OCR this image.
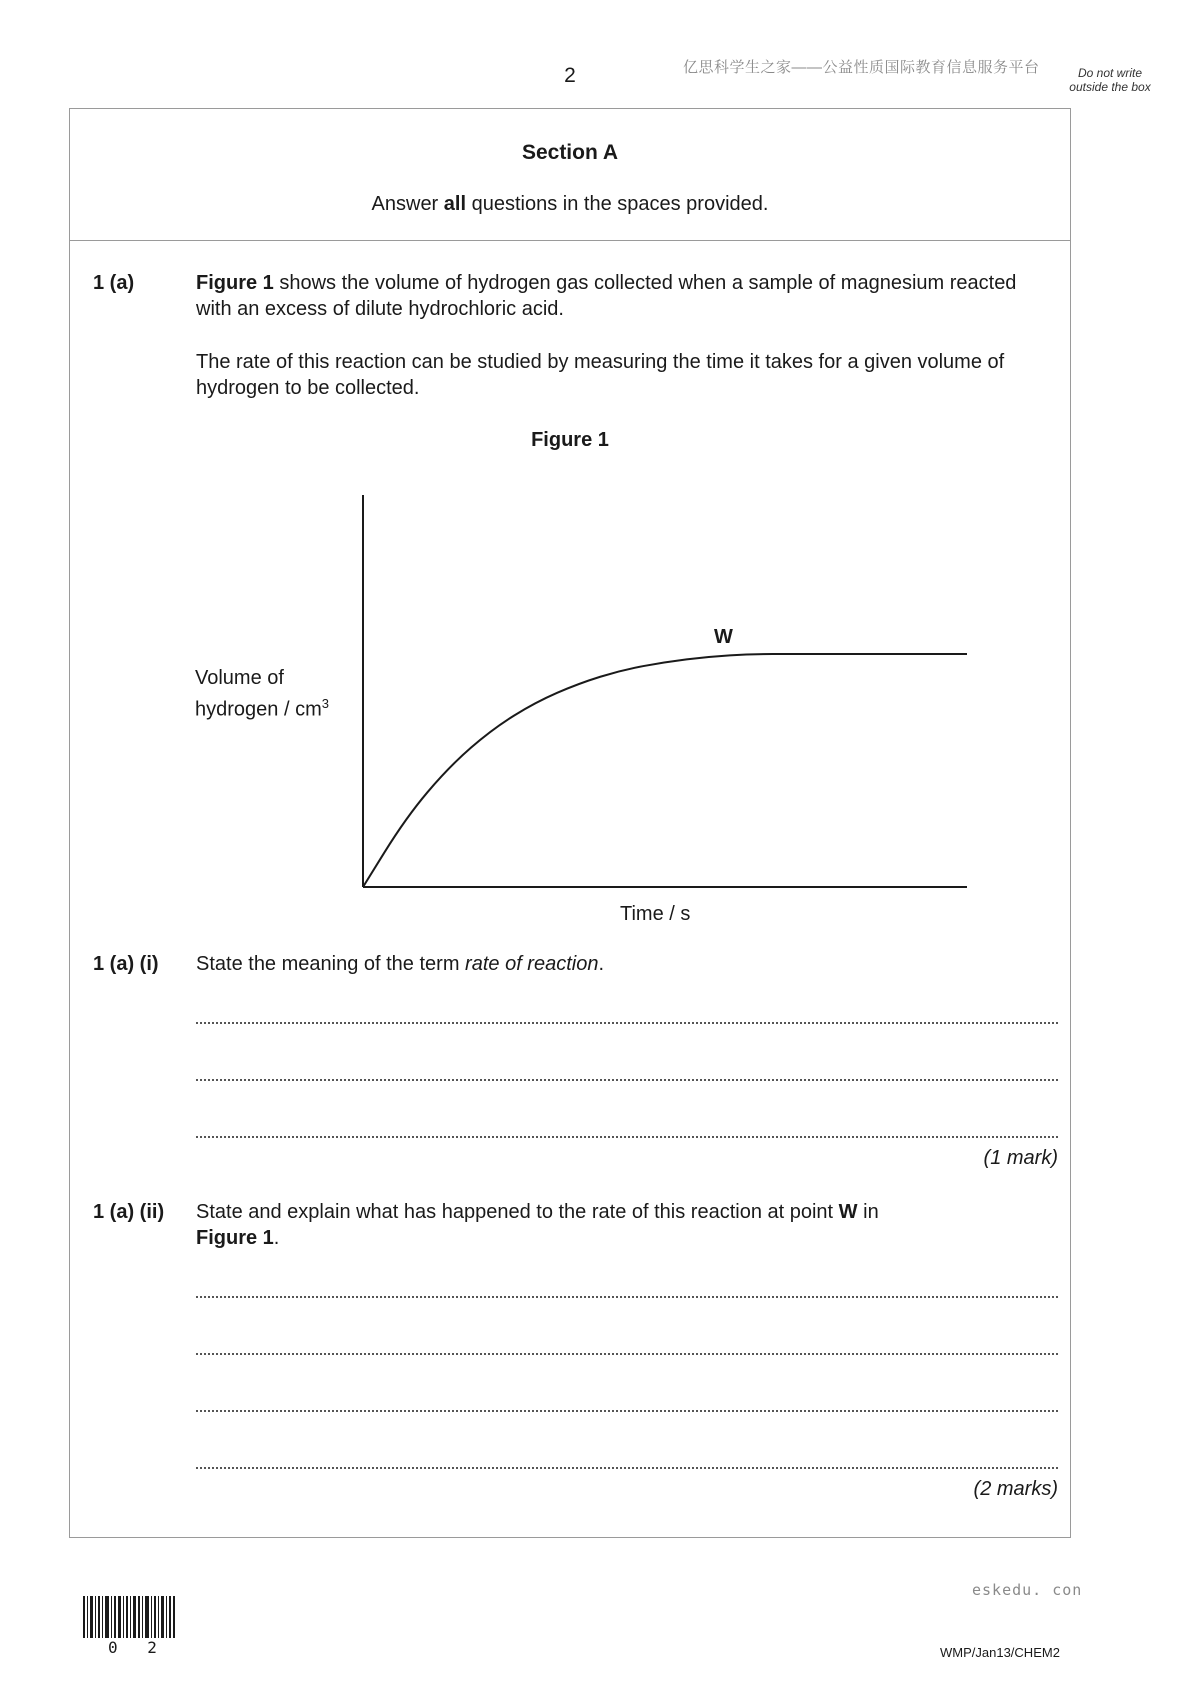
2	亿思科学生之家——公益性质国际教育信息服务平台	Do not write outside the box
Section A
Answer all questions in the spaces provided.
1 (a)	Figure 1 shows the volume of hydrogen gas collected when a sample of magnesium reacted with an excess of dilute hydrochloric acid.
The rate of this reaction can be studied by measuring the time it takes for a given volume of hydrogen to be collected.
Figure 1
Volume of
hydrogen / $cm^3$
Time / s
W
1 (a) (i) State the meaning of the term rate of reaction.
(1 mark)
1 (a) (ii) State and explain what has happened to the rate of this reaction at point W in
Figure 1.
(2 marks)
eskedu. con
0 2	WMP/Jan13/CHEM2
